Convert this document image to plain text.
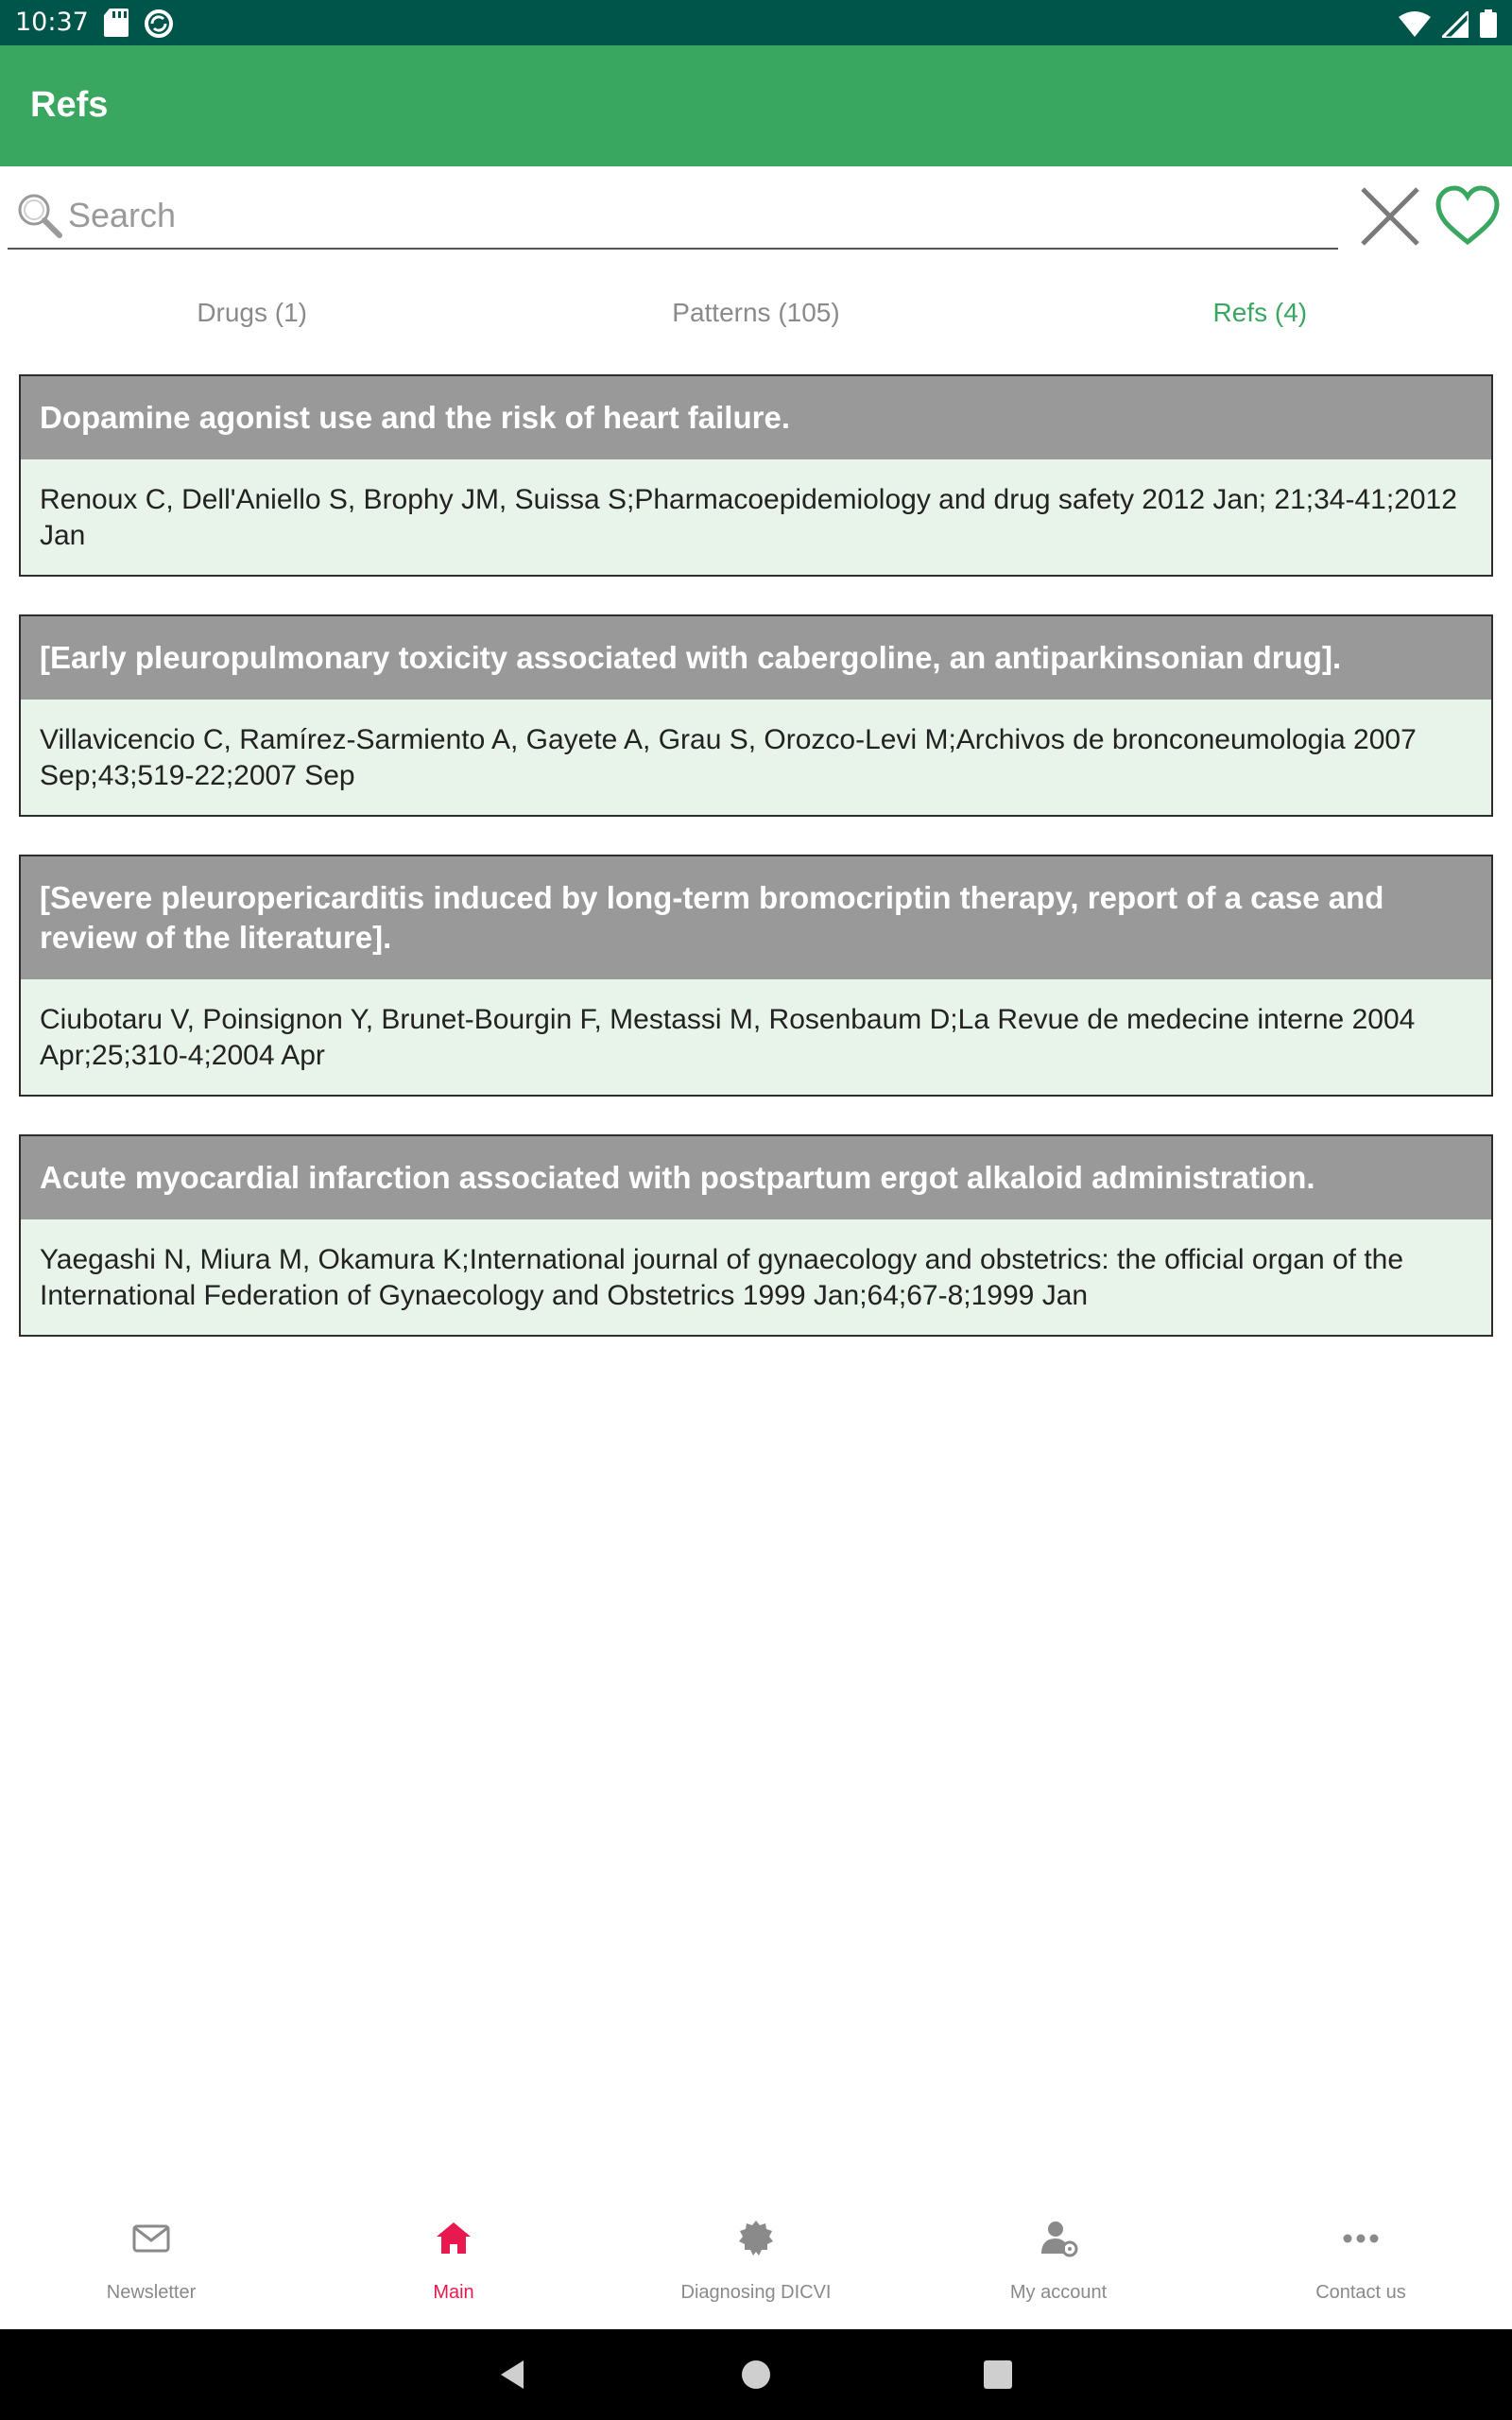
10:37
Refs
Search
Drugs (1)	Patterns (105)	Refs (4)
Dopamine agonist use and the risk of heart failure.
Renoux C, Dell'Aniello S, Brophy JM, Suissa S;Pharmacoepidemiology and drug safety 2012 Jan; 21;34-41;2012 Jan
[Early pleuropulmonary toxicity associated with cabergoline, an antiparkinsonian drug].
Villavicencio C, Ramírez-Sarmiento A, Gayete A, Grau S, Orozco-Levi M;Archivos de bronconeumologia 2007 Sep;43;519-22;2007 Sep
[Severe pleuropericarditis induced by long-term bromocriptin therapy, report of a case and review of the literature].
Ciubotaru V, Poinsignon Y, Brunet-Bourgin F, Mestassi M, Rosenbaum D;La Revue de medecine interne 2004 Apr;25;310-4;2004 Apr
Acute myocardial infarction associated with postpartum ergot alkaloid administration.
Yaegashi N, Miura M, Okamura K;International journal of gynaecology and obstetrics: the official organ of the International Federation of Gynaecology and Obstetrics 1999 Jan;64;67-8;1999 Jan
Newsletter	Main	Diagnosing DICVI	My account	Contact us
